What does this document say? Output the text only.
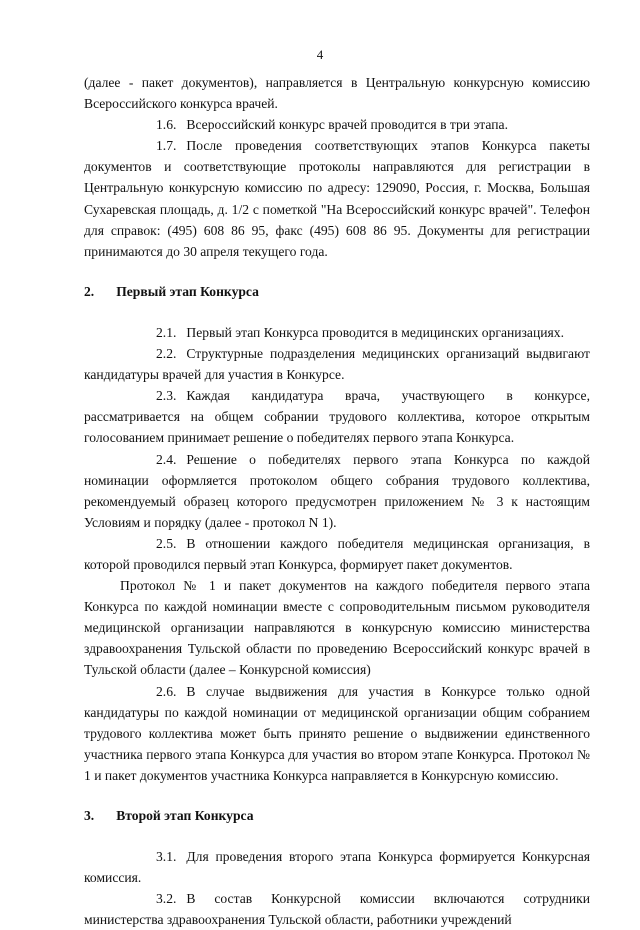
4

(далее - пакет документов), направляется в Центральную конкурсную комиссию Всероссийского конкурса врачей.

1.6. Всероссийский конкурс врачей проводится в три этапа.

1.7. После проведения соответствующих этапов Конкурса пакеты документов и соответствующие протоколы направляются для регистрации в Центральную конкурсную комиссию по адресу: 129090, Россия, г. Москва, Большая Сухаревская площадь, д. 1/2 с пометкой "На Всероссийский конкурс врачей". Телефон для справок: (495) 608 86 95, факс (495) 608 86 95. Документы для регистрации принимаются до 30 апреля текущего года.

2. Первый этап Конкурса

2.1. Первый этап Конкурса проводится в медицинских организациях.

2.2. Структурные подразделения медицинских организаций выдвигают кандидатуры врачей для участия в Конкурсе.

2.3. Каждая кандидатура врача, участвующего в конкурсе, рассматривается на общем собрании трудового коллектива, которое открытым голосованием принимает решение о победителях первого этапа Конкурса.

2.4. Решение о победителях первого этапа Конкурса по каждой номинации оформляется протоколом общего собрания трудового коллектива, рекомендуемый образец которого предусмотрен приложением № 3 к настоящим Условиям и порядку (далее - протокол N 1).

2.5. В отношении каждого победителя медицинская организация, в которой проводился первый этап Конкурса, формирует пакет документов.

Протокол № 1 и пакет документов на каждого победителя первого этапа Конкурса по каждой номинации вместе с сопроводительным письмом руководителя медицинской организации направляются в конкурсную комиссию министерства здравоохранения Тульской области по проведению Всероссийский конкурс врачей в Тульской области (далее – Конкурсной комиссия)

2.6. В случае выдвижения для участия в Конкурсе только одной кандидатуры по каждой номинации от медицинской организации общим собранием трудового коллектива может быть принято решение о выдвижении единственного участника первого этапа Конкурса для участия во втором этапе Конкурса. Протокол № 1 и пакет документов участника Конкурса направляется в Конкурсную комиссию.

3. Второй этап Конкурса

3.1. Для проведения второго этапа Конкурса формируется Конкурсная комиссия.

3.2. В состав Конкурсной комиссии включаются сотрудники министерства здравоохранения Тульской области, работники учреждений
